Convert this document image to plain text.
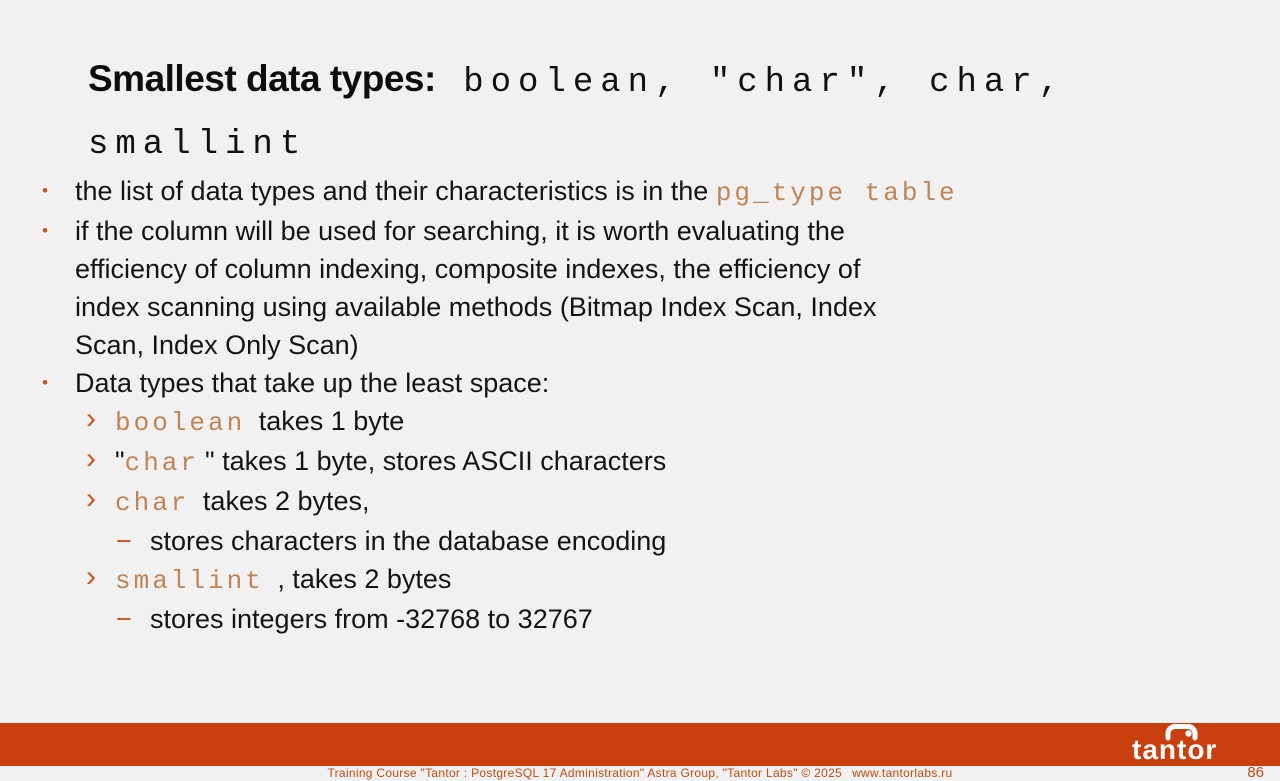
Smallest data types: boolean, "char", char,
smallint
• the list of data types and their characteristics is in the pg_type table
• if the column will be used for searching, it is worth evaluating the
efficiency of column indexing, composite indexes, the efficiency of
index scanning using available methods (Bitmap Index Scan, Index
Scan, Index Only Scan)
• Data types that take up the least space:
› boolean takes 1 byte
› "char " takes 1 byte, stores ASCII characters
› char takes 2 bytes,
− stores characters in the database encoding
› smallint , takes 2 bytes
− stores integers from -32768 to 32767
tantor
Training Course "Tantor : PostgreSQL 17 Administration" Astra Group, "Tantor Labs" © 2025 www.tantorlabs.ru	86
